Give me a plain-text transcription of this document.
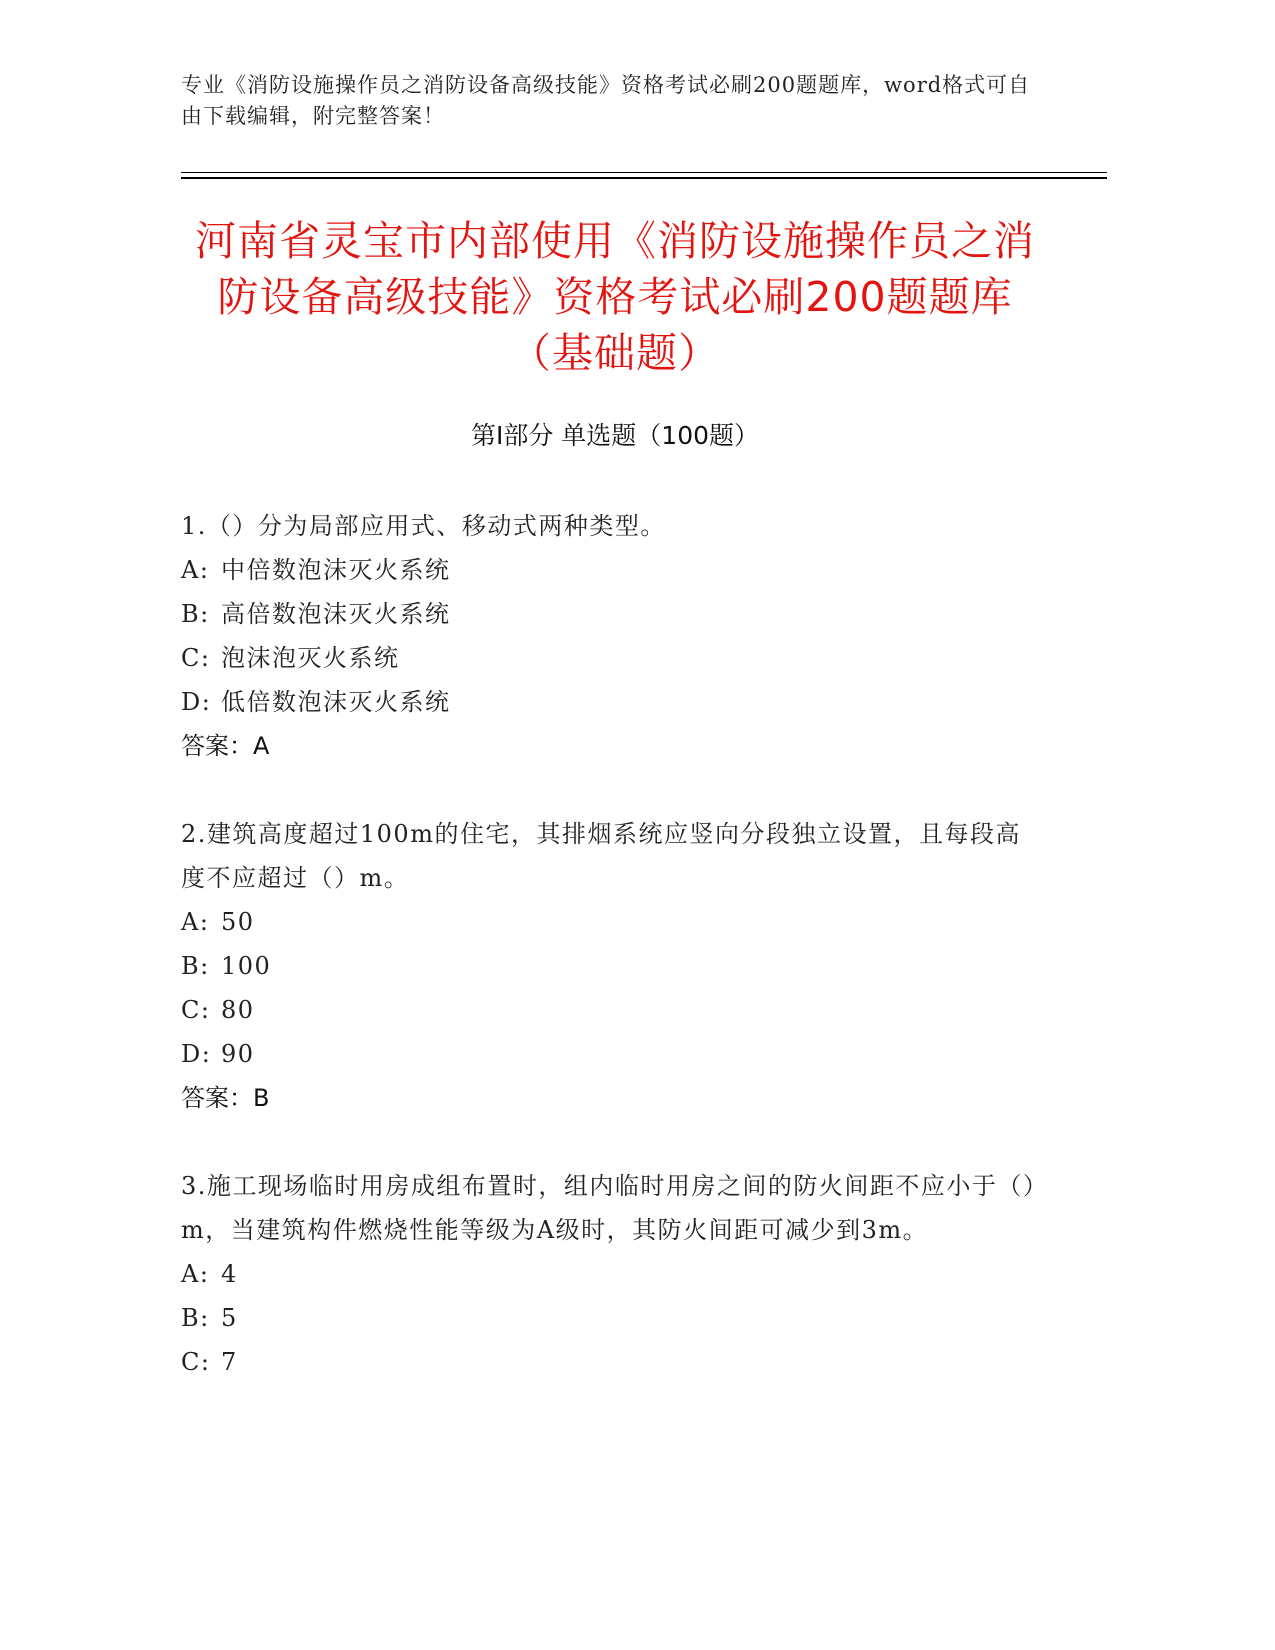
专业《消防设施操作员之消防设备高级技能》资格考试必刷200题题库，word格式可自由下载编辑，附完整答案！
河南省灵宝市内部使用《消防设施操作员之消防设备高级技能》资格考试必刷200题题库（基础题）
第Ⅰ部分 单选题（100题）
1.（）分为局部应用式、移动式两种类型。
A: 中倍数泡沫灭火系统
B: 高倍数泡沫灭火系统
C: 泡沫泡灭火系统
D: 低倍数泡沫灭火系统
答案：A
2.建筑高度超过100m的住宅，其排烟系统应竖向分段独立设置，且每段高度不应超过（）m。
A: 50
B: 100
C: 80
D: 90
答案：B
3.施工现场临时用房成组布置时，组内临时用房之间的防火间距不应小于（）m，当建筑构件燃烧性能等级为A级时，其防火间距可减少到3m。
A: 4
B: 5
C: 7
